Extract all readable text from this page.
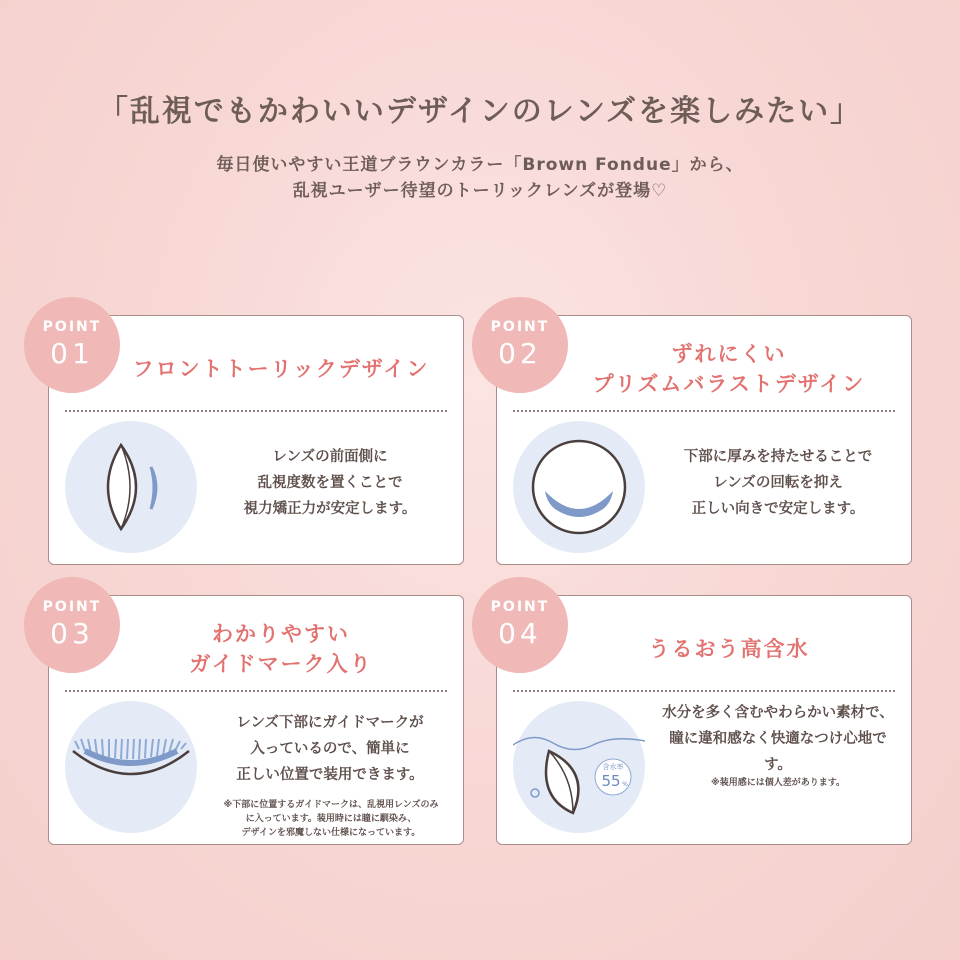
「乱視でもかわいいデザインのレンズを楽しみたい」
毎日使いやすい王道ブラウンカラー「Brown Fondue」から、
乱視ユーザー待望のトーリックレンズが登場♡
フロントトーリックデザイン
レンズの前面側に
乱視度数を置くことで
視力矯正力が安定します。
ずれにくい
プリズムバラストデザイン
下部に厚みを持たせることで
レンズの回転を抑え
正しい向きで安定します。
わかりやすい
ガイドマーク入り
レンズ下部にガイドマークが
入っているので、簡単に
正しい位置で装用できます。
※下部に位置するガイドマークは、乱視用レンズのみ
に入っています。装用時には瞳に馴染み、
デザインを邪魔しない仕様になっています。
うるおう高含水
含水率
55 %
水分を多く含むやわらかい素材で、
瞳に違和感なく快適なつけ心地です。
※装用感には個人差があります。
POINT
01
POINT
02
POINT
03
POINT
04
